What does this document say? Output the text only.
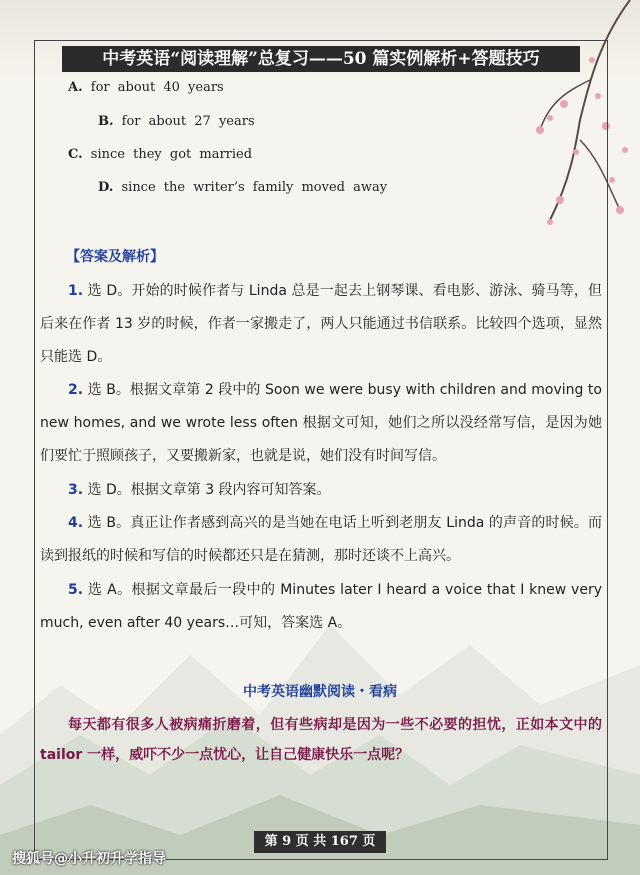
中考英语“阅读理解”总复习——50 篇实例解析+答题技巧
A. for about 40 years
B. for about 27 years
C. since they got married
D. since the writer’s family moved away
【答案及解析】
1. 选 D。开始的时候作者与 Linda 总是一起去上钢琴课、看电影、游泳、骑马等，但后来在作者 13 岁的时候，作者一家搬走了，两人只能通过书信联系。比较四个选项，显然只能选 D。
2. 选 B。根据文章第 2 段中的 Soon we were busy with children and moving to new homes, and we wrote less often 根据文可知，她们之所以没经常写信，是因为她们要忙于照顾孩子，又要搬新家，也就是说，她们没有时间写信。
3. 选 D。根据文章第 3 段内容可知答案。
4. 选 B。真正让作者感到高兴的是当她在电话上听到老朋友 Linda 的声音的时候。而读到报纸的时候和写信的时候都还只是在猜测，那时还谈不上高兴。
5. 选 A。根据文章最后一段中的 Minutes later I heard a voice that I knew very much, even after 40 years…可知，答案选 A。
中考英语幽默阅读・看病
每天都有很多人被病痛折磨着，但有些病却是因为一些不必要的担忧，正如本文中的 tailor 一样，威吓不少一点忧心，让自己健康快乐一点呢？
第 9 页 共 167 页
搜狐号@小升初升学指导
